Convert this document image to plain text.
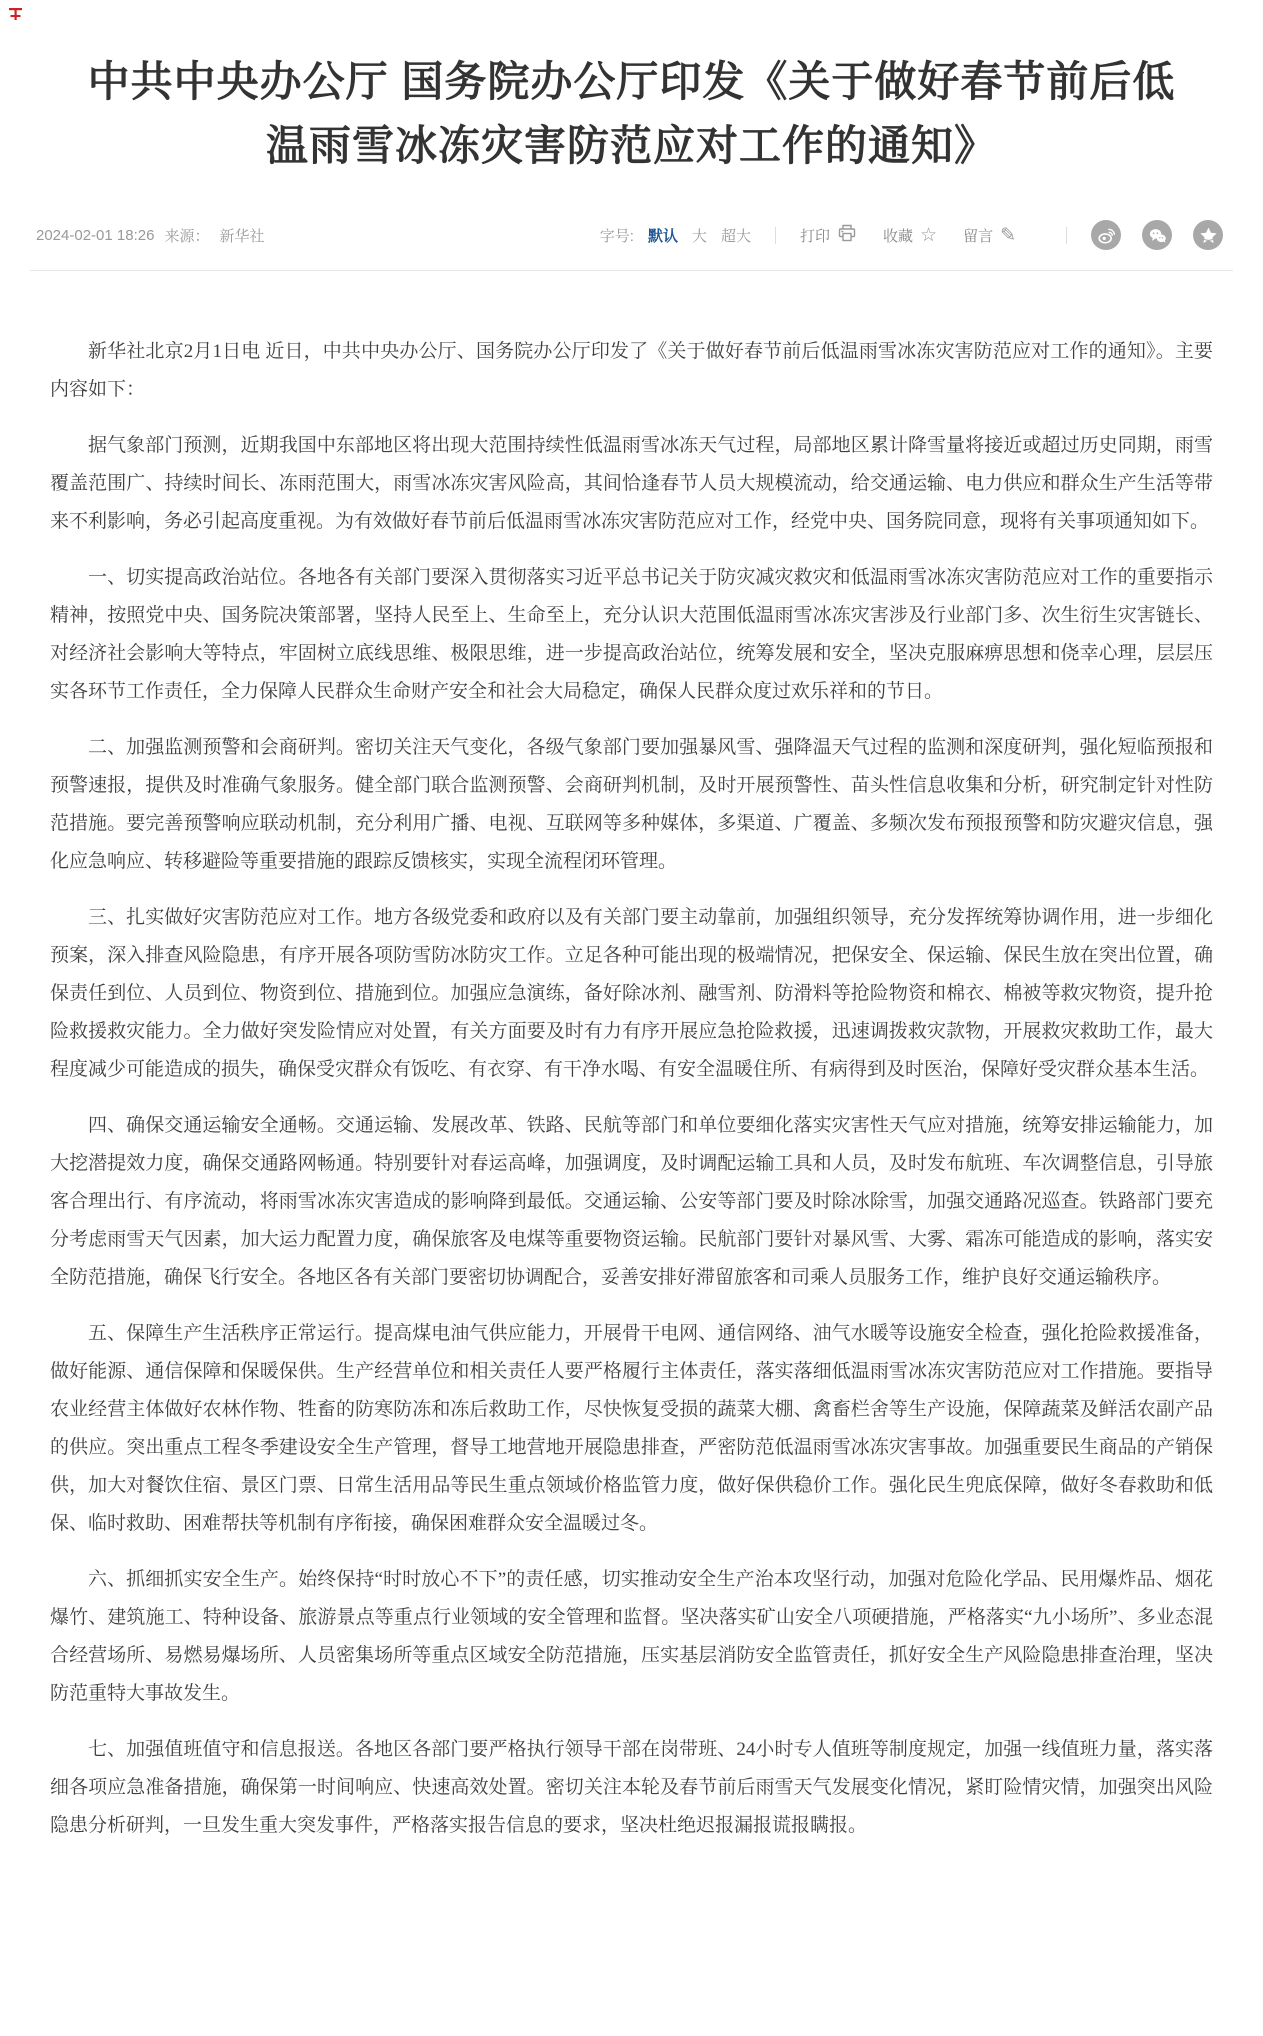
中共中央办公厅 国务院办公厅印发《关于做好春节前后低温雨雪冰冻灾害防范应对工作的通知》
2024-02-01 18:26 来源： 新华社	字号: 默认 大 超大	打印	收藏 ☆ 留言 ✎

新华社北京2月1日电 近日，中共中央办公厅、国务院办公厅印发了《关于做好春节前后低温雨雪冰冻灾害防范应对工作的通知》。主要内容如下：

据气象部门预测，近期我国中东部地区将出现大范围持续性低温雨雪冰冻天气过程，局部地区累计降雪量将接近或超过历史同期，雨雪覆盖范围广、持续时间长、冻雨范围大，雨雪冰冻灾害风险高，其间恰逢春节人员大规模流动，给交通运输、电力供应和群众生产生活等带来不利影响，务必引起高度重视。为有效做好春节前后低温雨雪冰冻灾害防范应对工作，经党中央、国务院同意，现将有关事项通知如下。

一、切实提高政治站位。各地各有关部门要深入贯彻落实习近平总书记关于防灾减灾救灾和低温雨雪冰冻灾害防范应对工作的重要指示精神，按照党中央、国务院决策部署，坚持人民至上、生命至上，充分认识大范围低温雨雪冰冻灾害涉及行业部门多、次生衍生灾害链长、对经济社会影响大等特点，牢固树立底线思维、极限思维，进一步提高政治站位，统筹发展和安全，坚决克服麻痹思想和侥幸心理，层层压实各环节工作责任，全力保障人民群众生命财产安全和社会大局稳定，确保人民群众度过欢乐祥和的节日。

二、加强监测预警和会商研判。密切关注天气变化，各级气象部门要加强暴风雪、强降温天气过程的监测和深度研判，强化短临预报和预警速报，提供及时准确气象服务。健全部门联合监测预警、会商研判机制，及时开展预警性、苗头性信息收集和分析，研究制定针对性防范措施。要完善预警响应联动机制，充分利用广播、电视、互联网等多种媒体，多渠道、广覆盖、多频次发布预报预警和防灾避灾信息，强化应急响应、转移避险等重要措施的跟踪反馈核实，实现全流程闭环管理。

三、扎实做好灾害防范应对工作。地方各级党委和政府以及有关部门要主动靠前，加强组织领导，充分发挥统筹协调作用，进一步细化预案，深入排查风险隐患，有序开展各项防雪防冰防灾工作。立足各种可能出现的极端情况，把保安全、保运输、保民生放在突出位置，确保责任到位、人员到位、物资到位、措施到位。加强应急演练，备好除冰剂、融雪剂、防滑料等抢险物资和棉衣、棉被等救灾物资，提升抢险救援救灾能力。全力做好突发险情应对处置，有关方面要及时有力有序开展应急抢险救援，迅速调拨救灾款物，开展救灾救助工作，最大程度减少可能造成的损失，确保受灾群众有饭吃、有衣穿、有干净水喝、有安全温暖住所、有病得到及时医治，保障好受灾群众基本生活。

四、确保交通运输安全通畅。交通运输、发展改革、铁路、民航等部门和单位要细化落实灾害性天气应对措施，统筹安排运输能力，加大挖潜提效力度，确保交通路网畅通。特别要针对春运高峰，加强调度，及时调配运输工具和人员，及时发布航班、车次调整信息，引导旅客合理出行、有序流动，将雨雪冰冻灾害造成的影响降到最低。交通运输、公安等部门要及时除冰除雪，加强交通路况巡查。铁路部门要充分考虑雨雪天气因素，加大运力配置力度，确保旅客及电煤等重要物资运输。民航部门要针对暴风雪、大雾、霜冻可能造成的影响，落实安全防范措施，确保飞行安全。各地区各有关部门要密切协调配合，妥善安排好滞留旅客和司乘人员服务工作，维护良好交通运输秩序。

五、保障生产生活秩序正常运行。提高煤电油气供应能力，开展骨干电网、通信网络、油气水暖等设施安全检查，强化抢险救援准备，做好能源、通信保障和保暖保供。生产经营单位和相关责任人要严格履行主体责任，落实落细低温雨雪冰冻灾害防范应对工作措施。要指导农业经营主体做好农林作物、牲畜的防寒防冻和冻后救助工作，尽快恢复受损的蔬菜大棚、禽畜栏舍等生产设施，保障蔬菜及鲜活农副产品的供应。突出重点工程冬季建设安全生产管理，督导工地营地开展隐患排查，严密防范低温雨雪冰冻灾害事故。加强重要民生商品的产销保供，加大对餐饮住宿、景区门票、日常生活用品等民生重点领域价格监管力度，做好保供稳价工作。强化民生兜底保障，做好冬春救助和低保、临时救助、困难帮扶等机制有序衔接，确保困难群众安全温暖过冬。

六、抓细抓实安全生产。始终保持“时时放心不下”的责任感，切实推动安全生产治本攻坚行动，加强对危险化学品、民用爆炸品、烟花爆竹、建筑施工、特种设备、旅游景点等重点行业领域的安全管理和监督。坚决落实矿山安全八项硬措施，严格落实“九小场所”、多业态混合经营场所、易燃易爆场所、人员密集场所等重点区域安全防范措施，压实基层消防安全监管责任，抓好安全生产风险隐患排查治理，坚决防范重特大事故发生。

七、加强值班值守和信息报送。各地区各部门要严格执行领导干部在岗带班、24小时专人值班等制度规定，加强一线值班力量，落实落细各项应急准备措施，确保第一时间响应、快速高效处置。密切关注本轮及春节前后雨雪天气发展变化情况，紧盯险情灾情，加强突出风险隐患分析研判，一旦发生重大突发事件，严格落实报告信息的要求，坚决杜绝迟报漏报谎报瞒报。
